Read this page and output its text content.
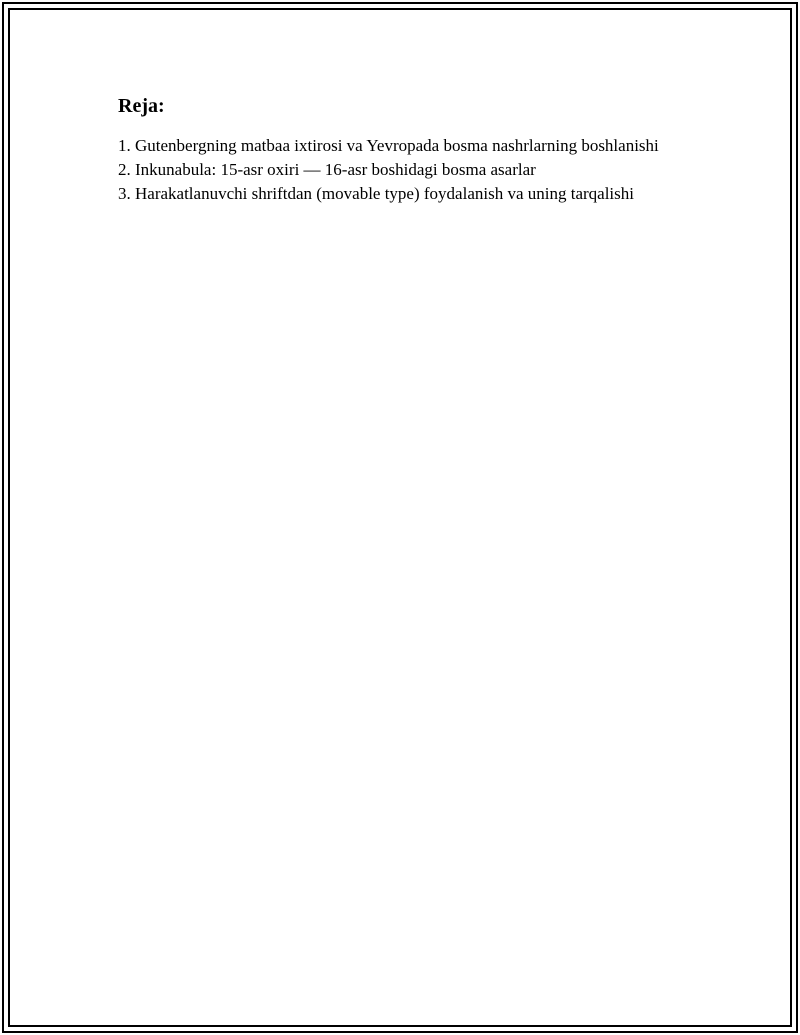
Reja:
1. Gutenbergning matbaa ixtirosi va Yevropada bosma nashrlarning boshlanishi
2. Inkunabula: 15-asr oxiri — 16-asr boshidagi bosma asarlar
3. Harakatlanuvchi shriftdan (movable type) foydalanish va uning tarqalishi
